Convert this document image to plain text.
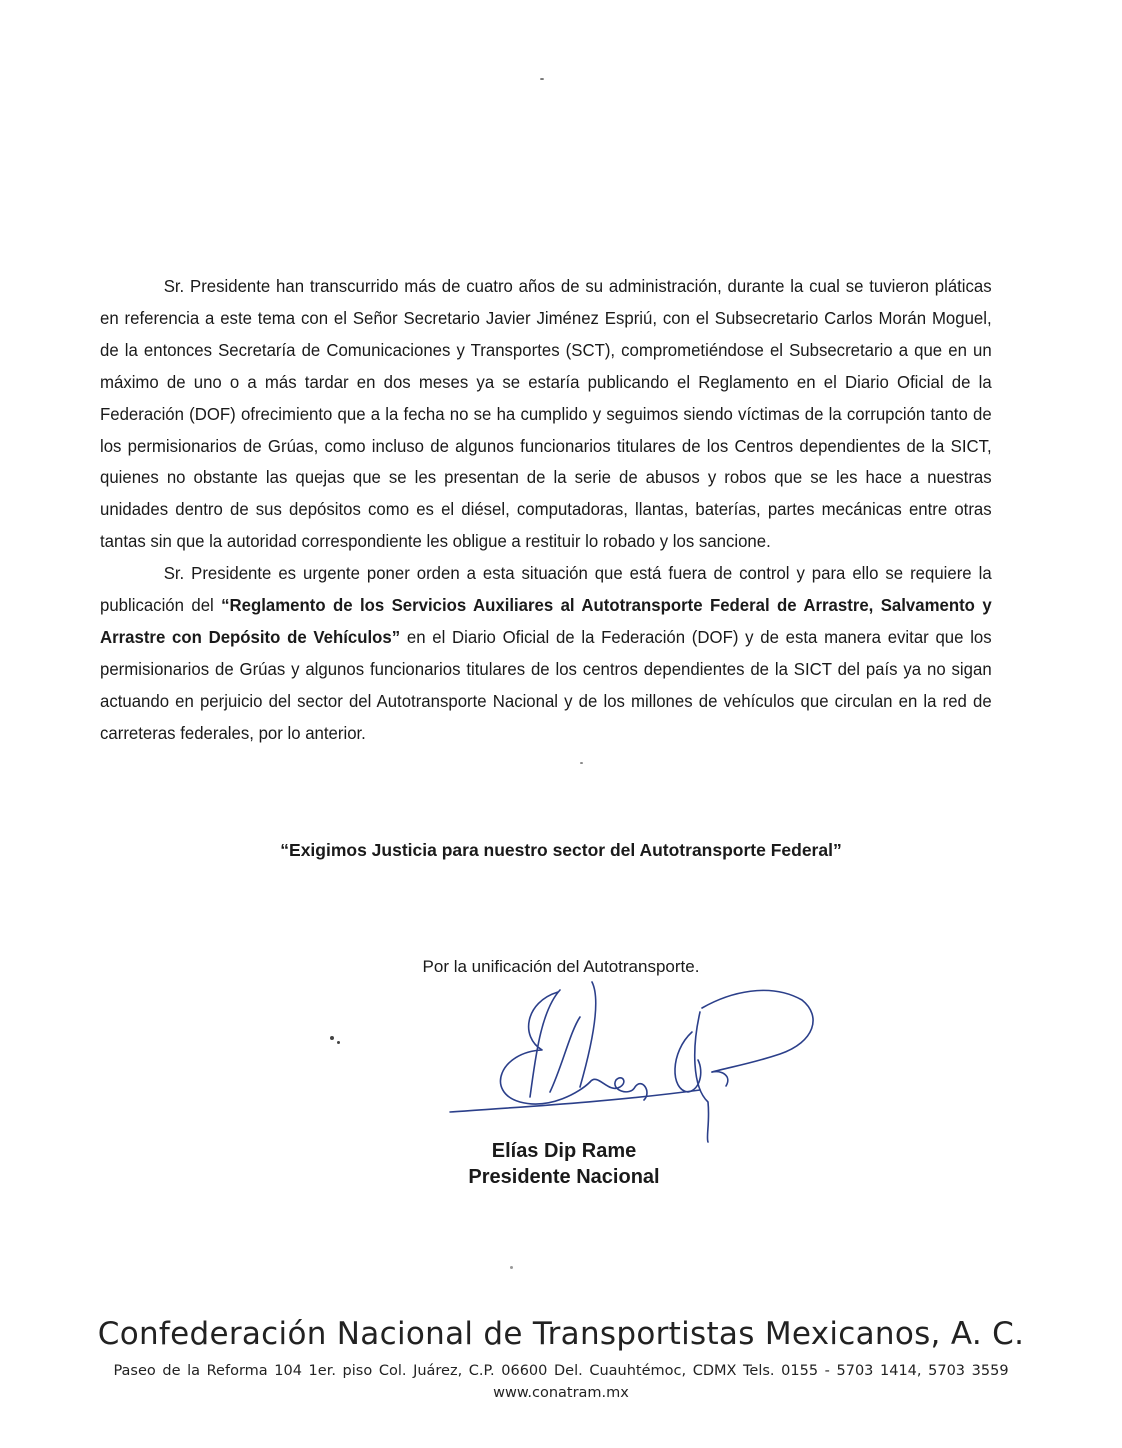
Sr. Presidente han transcurrido más de cuatro años de su administración, durante la cual se tuvieron pláticas en referencia a este tema con el Señor Secretario Javier Jiménez Espriú, con el Subsecretario Carlos Morán Moguel, de la entonces Secretaría de Comunicaciones y Transportes (SCT), comprometiéndose el Subsecretario a que en un máximo de uno o a más tardar en dos meses ya se estaría publicando el Reglamento en el Diario Oficial de la Federación (DOF) ofrecimiento que a la fecha no se ha cumplido y seguimos siendo víctimas de la corrupción tanto de los permisionarios de Grúas, como incluso de algunos funcionarios titulares de los Centros dependientes de la SICT, quienes no obstante las quejas que se les presentan de la serie de abusos y robos que se les hace a nuestras unidades dentro de sus depósitos como es el diésel, computadoras, llantas, baterías, partes mecánicas entre otras tantas sin que la autoridad correspondiente les obligue a restituir lo robado y los sancione.

Sr. Presidente es urgente poner orden a esta situación que está fuera de control y para ello se requiere la publicación del “Reglamento de los Servicios Auxiliares al Autotransporte Federal de Arrastre, Salvamento y Arrastre con Depósito de Vehículos” en el Diario Oficial de la Federación (DOF) y de esta manera evitar que los permisionarios de Grúas y algunos funcionarios titulares de los centros dependientes de la SICT del país ya no sigan actuando en perjuicio del sector del Autotransporte Nacional y de los millones de vehículos que circulan en la red de carreteras federales, por lo anterior.

“Exigimos Justicia para nuestro sector del Autotransporte Federal”
Por la unificación del Autotransporte.
Elías Dip Rame
Presidente Nacional
Confederación Nacional de Transportistas Mexicanos, A. C.
Paseo de la Reforma 104 1er. piso Col. Juárez, C.P. 06600 Del. Cuauhtémoc, CDMX Tels. 0155 - 5703 1414, 5703 3559
www.conatram.mx
